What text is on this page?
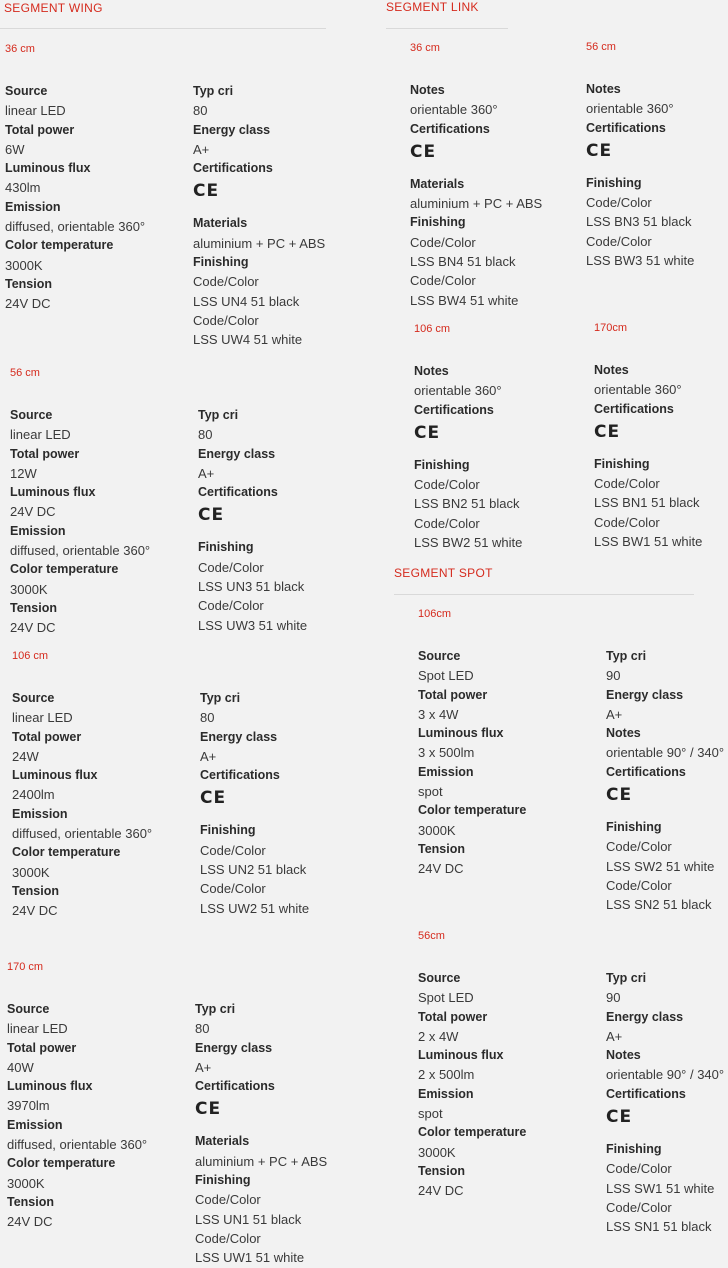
SEGMENT WING	SEGMENT LINK
SEGMENT SPOT
36 cm
Source
linear LED
Total power
6W
Luminous flux
430lm
Emission
diffused, orientable 360°
Color temperature
3000K
Tension
24V DC
Typ cri
80
Energy class
A+
Certifications
CE
Materials
aluminium + PC + ABS
Finishing
Code/Color
LSS UN4 51 black
Code/Color
LSS UW4 51 white
56 cm
Source
linear LED
Total power
12W
Luminous flux
24V DC
Emission
diffused, orientable 360°
Color temperature
3000K
Tension
24V DC
Typ cri
80
Energy class
A+
Certifications
CE
Finishing
Code/Color
LSS UN3 51 black
Code/Color
LSS UW3 51 white
106 cm
Source
linear LED
Total power
24W
Luminous flux
2400lm
Emission
diffused, orientable 360°
Color temperature
3000K
Tension
24V DC
Typ cri
80
Energy class
A+
Certifications
CE
Finishing
Code/Color
LSS UN2 51 black
Code/Color
LSS UW2 51 white
170 cm
Source
linear LED
Total power
40W
Luminous flux
3970lm
Emission
diffused, orientable 360°
Color temperature
3000K
Tension
24V DC
Typ cri
80
Energy class
A+
Certifications
CE
Materials
aluminium + PC + ABS
Finishing
Code/Color
LSS UN1 51 black
Code/Color
LSS UW1 51 white
36 cm
Notes
orientable 360°
Certifications
CE
Materials
aluminium + PC + ABS
Finishing
Code/Color
LSS BN4 51 black
Code/Color
LSS BW4 51 white
56 cm
Notes
orientable 360°
Certifications
CE
Finishing
Code/Color
LSS BN3 51 black
Code/Color
LSS BW3 51 white
106 cm
Notes
orientable 360°
Certifications
CE
Finishing
Code/Color
LSS BN2 51 black
Code/Color
LSS BW2 51 white
170cm
Notes
orientable 360°
Certifications
CE
Finishing
Code/Color
LSS BN1 51 black
Code/Color
LSS BW1 51 white
106cm
Source
Spot LED
Total power
3 x 4W
Luminous flux
3 x 500lm
Emission
spot
Color temperature
3000K
Tension
24V DC
Typ cri
90
Energy class
A+
Notes
orientable 90° / 340°
Certifications
CE
Finishing
Code/Color
LSS SW2 51 white
Code/Color
LSS SN2 51 black
56cm
Source
Spot LED
Total power
2 x 4W
Luminous flux
2 x 500lm
Emission
spot
Color temperature
3000K
Tension
24V DC
Typ cri
90
Energy class
A+
Notes
orientable 90° / 340°
Certifications
CE
Finishing
Code/Color
LSS SW1 51 white
Code/Color
LSS SN1 51 black
